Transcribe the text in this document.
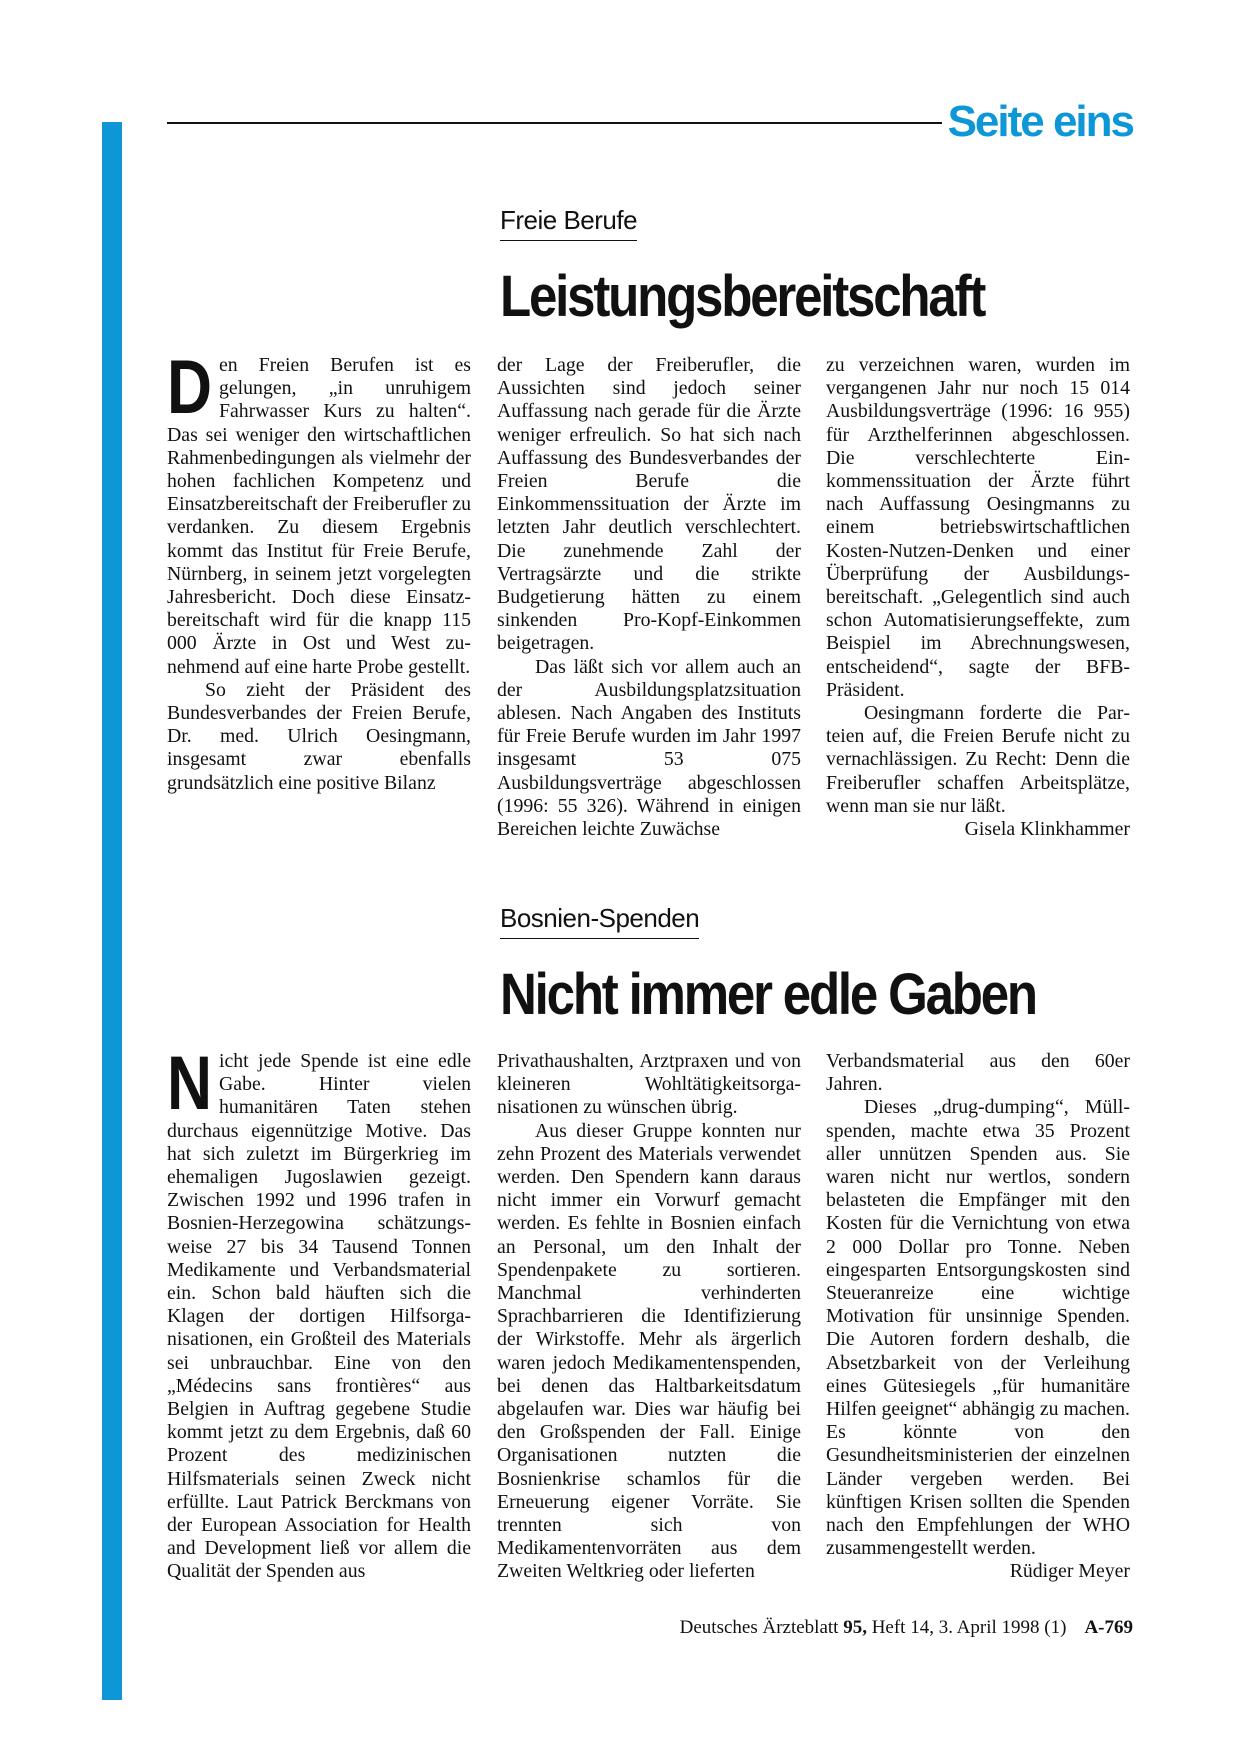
Seite eins
Freie Berufe
Leistungsbereitschaft
D en Freien Berufen ist es gelungen, „in unruhigem Fahrwasser Kurs zu halten“. Das sei weniger den wirtschaftlichen Rahmenbedingungen als vielmehr der hohen fachlichen Kompetenz und Einsatzbereitschaft der Freiberufler zu verdanken. Zu diesem Ergebnis kommt das Institut für Freie Berufe, Nürnberg, in seinem jetzt vorgelegten Jahresbericht. Doch diese Einsatzbereitschaft wird für die knapp 115 000 Ärzte in Ost und West zunehmend auf eine harte Probe gestellt.

So zieht der Präsident des Bundesverbandes der Freien Berufe, Dr. med. Ulrich Oesingmann, insgesamt zwar ebenfalls grundsätzlich eine positive Bilanz

der Lage der Freiberufler, die Aussichten sind jedoch seiner Auffassung nach gerade für die Ärzte weniger erfreulich. So hat sich nach Auffassung des Bundesverbandes der Freien Berufe die Einkommenssituation der Ärzte im letzten Jahr deutlich verschlechtert. Die zunehmende Zahl der Vertragsärzte und die strikte Budgetierung hätten zu einem sinkenden Pro-Kopf-Einkommen beigetragen.

Das läßt sich vor allem auch an der Ausbildungsplatzsituation ablesen. Nach Angaben des Instituts für Freie Berufe wurden im Jahr 1997 insgesamt 53 075 Ausbildungsverträge abgeschlossen (1996: 55 326). Während in einigen Bereichen leichte Zuwächse

zu verzeichnen waren, wurden im vergangenen Jahr nur noch 15 014 Ausbildungsverträge (1996: 16 955) für Arzthelferinnen abgeschlossen. Die verschlechterte Einkommenssituation der Ärzte führt nach Auffassung Oesingmanns zu einem betriebswirtschaftlichen Kosten-Nutzen-Denken und einer Überprüfung der Ausbildungsbereitschaft. „Gelegentlich sind auch schon Automatisierungseffekte, zum Beispiel im Abrechnungswesen, entscheidend“, sagte der BFB-Präsident.

Oesingmann forderte die Parteien auf, die Freien Berufe nicht zu vernachlässigen. Zu Recht: Denn die Freiberufler schaffen Arbeitsplätze, wenn man sie nur läßt.
Gisela Klinkhammer

Bosnien-Spenden
Nicht immer edle Gaben
N icht jede Spende ist eine edle Gabe. Hinter vielen humanitären Taten stehen durchaus eigennützige Motive. Das hat sich zuletzt im Bürgerkrieg im ehemaligen Jugoslawien gezeigt. Zwischen 1992 und 1996 trafen in Bosnien-Herzegowina schätzungsweise 27 bis 34 Tausend Tonnen Medikamente und Verbandsmaterial ein. Schon bald häuften sich die Klagen der dortigen Hilfsorganisationen, ein Großteil des Materials sei unbrauchbar. Eine von den „Médecins sans frontières“ aus Belgien in Auftrag gegebene Studie kommt jetzt zu dem Ergebnis, daß 60 Prozent des medizinischen Hilfsmaterials seinen Zweck nicht erfüllte. Laut Patrick Berckmans von der European Association for Health and Development ließ vor allem die Qualität der Spenden aus

Privathaushalten, Arztpraxen und von kleineren Wohltätigkeitsorganisationen zu wünschen übrig.

Aus dieser Gruppe konnten nur zehn Prozent des Materials verwendet werden. Den Spendern kann daraus nicht immer ein Vorwurf gemacht werden. Es fehlte in Bosnien einfach an Personal, um den Inhalt der Spendenpakete zu sortieren. Manchmal verhinderten Sprachbarrieren die Identifizierung der Wirkstoffe. Mehr als ärgerlich waren jedoch Medikamentenspenden, bei denen das Haltbarkeitsdatum abgelaufen war. Dies war häufig bei den Großspenden der Fall. Einige Organisationen nutzten die Bosnienkrise schamlos für die Erneuerung eigener Vorräte. Sie trennten sich von Medikamentenvorräten aus dem Zweiten Weltkrieg oder lieferten

Verbandsmaterial aus den 60er Jahren.

Dieses „drug-dumping“, Müllspenden, machte etwa 35 Prozent aller unnützen Spenden aus. Sie waren nicht nur wertlos, sondern belasteten die Empfänger mit den Kosten für die Vernichtung von etwa 2 000 Dollar pro Tonne. Neben eingesparten Entsorgungskosten sind Steueranreize eine wichtige Motivation für unsinnige Spenden. Die Autoren fordern deshalb, die Absetzbarkeit von der Verleihung eines Gütesiegels „für humanitäre Hilfen geeignet“ abhängig zu machen. Es könnte von den Gesundheitsministerien der einzelnen Länder vergeben werden. Bei künftigen Krisen sollten die Spenden nach den Empfehlungen der WHO zusammengestellt werden.
Rüdiger Meyer

Deutsches Ärzteblatt 95, Heft 14, 3. April 1998 (1) A-769
